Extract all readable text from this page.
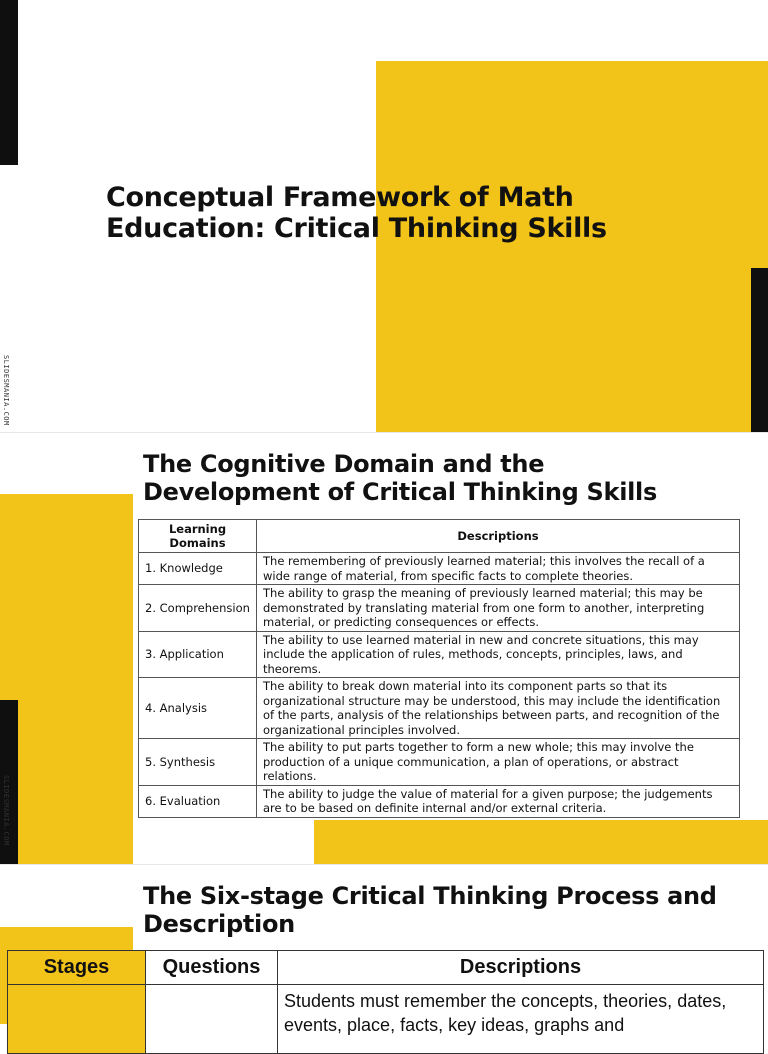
Conceptual Framework of Math
Education: Critical Thinking Skills
SLIDESMANIA.COM
The Cognitive Domain and the
Development of Critical Thinking Skills
SLIDESMANIA.COM
Learning Domains	Descriptions
1. Knowledge	The remembering of previously learned material; this involves the recall of a wide range of material, from specific facts to complete theories.
2. Comprehension	The ability to grasp the meaning of previously learned material; this may be demonstrated by translating material from one form to another, interpreting material, or predicting consequences or effects.
3. Application	The ability to use learned material in new and concrete situations, this may include the application of rules, methods, concepts, principles, laws, and theorems.
4. Analysis	The ability to break down material into its component parts so that its organizational structure may be understood, this may include the identification of the parts, analysis of the relationships between parts, and recognition of the organizational principles involved.
5. Synthesis	The ability to put parts together to form a new whole; this may involve the production of a unique communication, a plan of operations, or abstract relations.
6. Evaluation	The ability to judge the value of material for a given purpose; the judgements are to be based on definite internal and/or external criteria.
The Six-stage Critical Thinking Process and
Description
Stages	Questions	Descriptions
		Students must remember the concepts, theories, dates, events, place, facts, key ideas, graphs and
